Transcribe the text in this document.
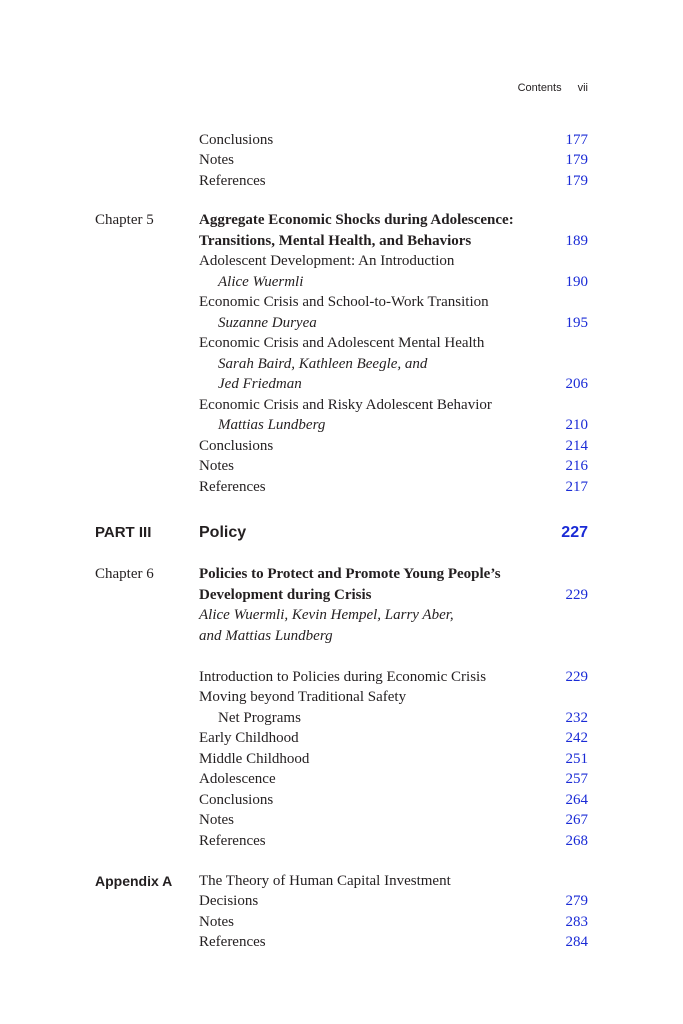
Contents vii
Conclusions	177
Notes	179
References	179
Chapter 5	Aggregate Economic Shocks during Adolescence:
Transitions, Mental Health, and Behaviors	189
Adolescent Development: An Introduction
Alice Wuermli	190
Economic Crisis and School-to-Work Transition
Suzanne Duryea	195
Economic Crisis and Adolescent Mental Health
Sarah Baird, Kathleen Beegle, and
Jed Friedman	206
Economic Crisis and Risky Adolescent Behavior
Mattias Lundberg	210
Conclusions	214
Notes	216
References	217
PART III	Policy	227
Chapter 6	Policies to Protect and Promote Young People’s
Development during Crisis	229
Alice Wuermli, Kevin Hempel, Larry Aber,
and Mattias Lundberg
Introduction to Policies during Economic Crisis	229
Moving beyond Traditional Safety
Net Programs	232
Early Childhood	242
Middle Childhood	251
Adolescence	257
Conclusions	264
Notes	267
References	268
Appendix A The Theory of Human Capital Investment
Decisions	279
Notes	283
References	284
